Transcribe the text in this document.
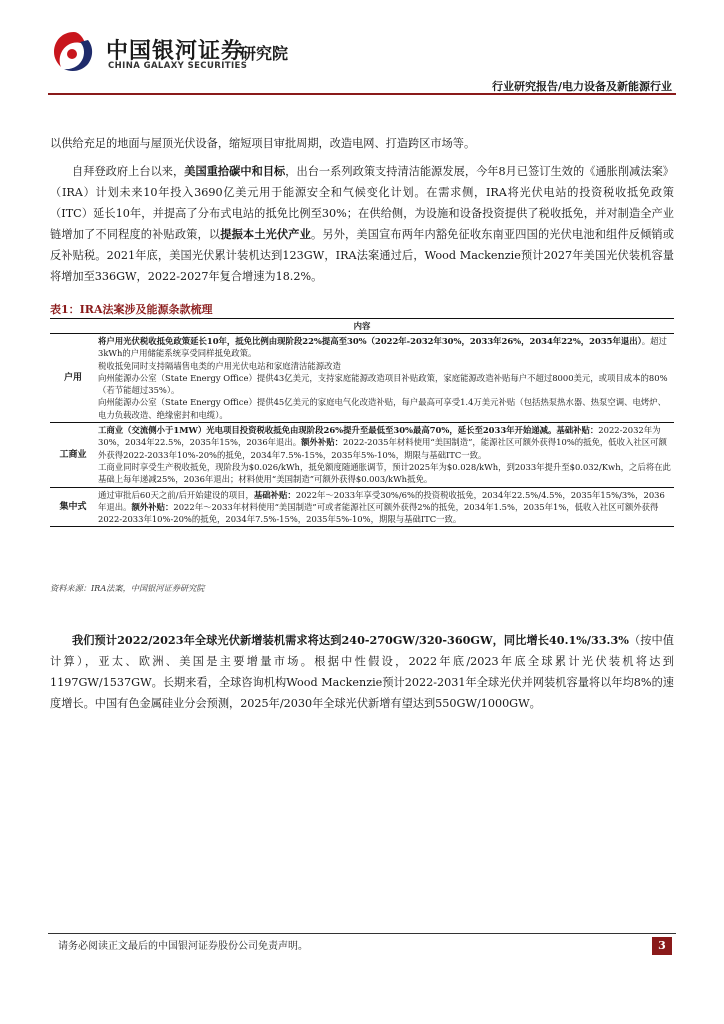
中国银河证券
CHINA GALAXY SECURITIES
研究院
行业研究报告/电力设备及新能源行业

以供给充足的地面与屋顶光伏设备，缩短项目审批周期，改造电网、打造跨区市场等。

自拜登政府上台以来，美国重拾碳中和目标，出台一系列政策支持清洁能源发展，今年8月已签订生效的《通胀削减法案》（IRA）计划未来10年投入3690亿美元用于能源安全和气候变化计划。在需求侧，IRA将光伏电站的投资税收抵免政策（ITC）延长10年，并提高了分布式电站的抵免比例至30%；在供给侧，为设施和设备投资提供了税收抵免，并对制造全产业链增加了不同程度的补贴政策，以提振本土光伏产业。另外，美国宣布两年内豁免征收东南亚四国的光伏电池和组件反倾销或反补贴税。2021年底，美国光伏累计装机达到123GW，IRA法案通过后，Wood Mackenzie预计2027年美国光伏装机容量将增加至336GW，2022-2027年复合增速为18.2%。

表1：IRA法案涉及能源条款梳理
内容	
户用	将户用光伏税收抵免政策延长10年，抵免比例由现阶段22%提高至30%（2022年-2032年30%，2033年26%，2034年22%，2035年退出）。超过3kWh的户用储能系统享受同样抵免政策。

税收抵免同时支持隔墙售电类的户用光伏电站和家庭清洁能源改造

向州能源办公室（State Energy Office）提供43亿美元，支持家庭能源改造项目补贴政策，家庭能源改造补贴每户不超过8000美元，或项目成本的80%（若节能超过35%）。

向州能源办公室（State Energy Office）提供45亿美元的家庭电气化改造补贴，每户最高可享受1.4万美元补贴（包括热泵热水器、热泵空调、电烤炉、电力负载改造、绝缘密封和电缆）。

工商业	工商业（交流侧小于1MW）光电项目投资税收抵免由现阶段26%提升至最低至30%最高70%，延长至2033年开始递减。基础补贴：2022-2032年为30%，2034年22.5%，2035年15%，2036年退出。额外补贴：2022-2035年材料使用“美国制造”，能源社区可额外获得10%的抵免，低收入社区可额外获得2022-2033年10%-20%的抵免，2034年7.5%-15%，2035年5%-10%，期限与基础ITC一致。

工商业同时享受生产税收抵免，现阶段为$0.026/kWh，抵免额度随通胀调节，预计2025年为$0.028/kWh，到2033年提升至$0.032/Kwh，之后将在此基础上每年递减25%，2036年退出；材料使用“美国制造”可额外获得$0.003/kWh抵免。

集中式	通过审批后60天之前/后开始建设的项目，基础补贴：2022年～2033年享受30%/6%的投资税收抵免，2034年22.5%/4.5%，2035年15%/3%，2036年退出。额外补贴：2022年～2033年材料使用“美国制造”可或者能源社区可额外获得2%的抵免，2034年1.5%，2035年1%，低收入社区可额外获得2022-2033年10%-20%的抵免，2034年7.5%-15%，2035年5%-10%，期限与基础ITC一致。

资料来源：IRA法案，中国银河证券研究院

我们预计2022/2023年全球光伏新增装机需求将达到240-270GW/320-360GW，同比增长40.1%/33.3%（按中值计算），亚太、欧洲、美国是主要增量市场。根据中性假设，2022年底/2023年底全球累计光伏装机将达到1197GW/1537GW。长期来看，全球咨询机构Wood Mackenzie预计2022-2031年全球光伏并网装机容量将以年均8%的速度增长。中国有色金属硅业分会预测，2025年/2030年全球光伏新增有望达到550GW/1000GW。

请务必阅读正文最后的中国银河证券股份公司免责声明。	3
